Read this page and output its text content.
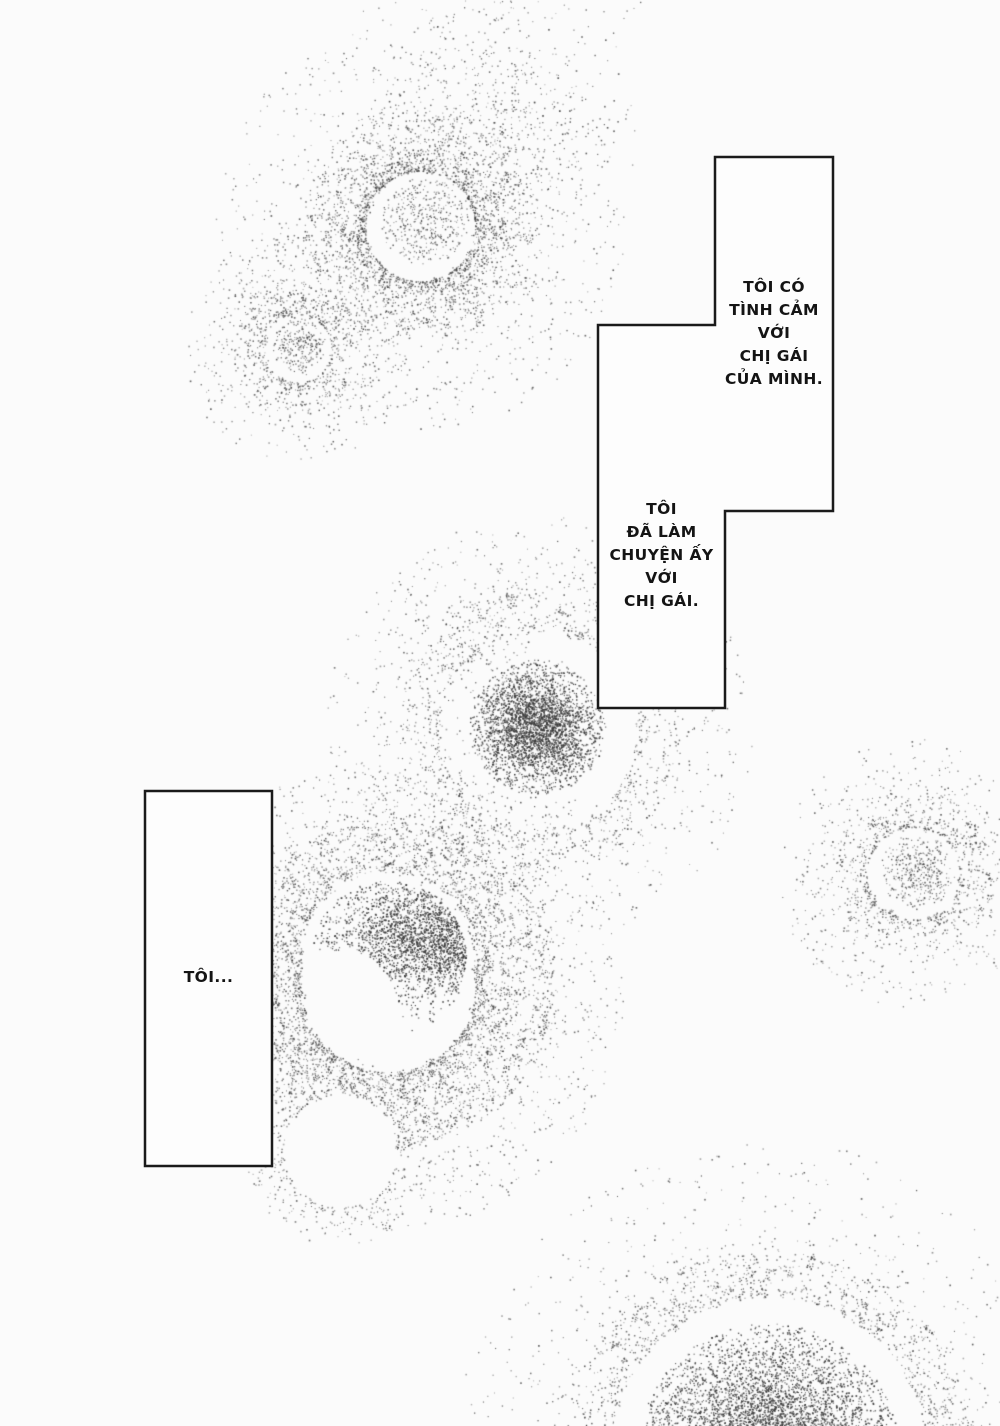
TÔI CÓ
TÌNH CẢM
VỚI
CHỊ GÁI
CỦA MÌNH.
TÔI
ĐÃ LÀM
CHUYỆN ẤY
VỚI
CHỊ GÁI.
TÔI...
